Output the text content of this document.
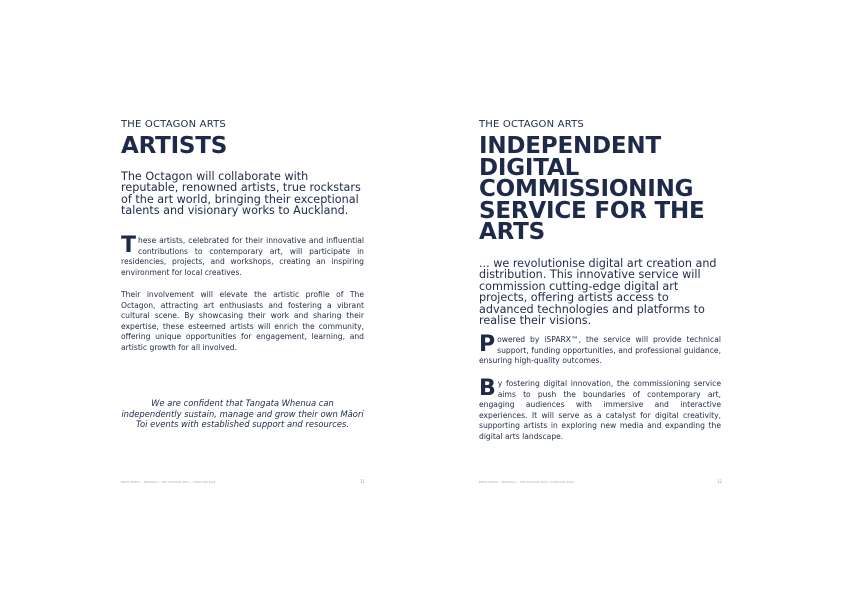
THE OCTAGON ARTS
ARTISTS

The Octagon will collaborate with reputable, renowned artists, true rockstars of the art world, bringing their exceptional talents and visionary works to Auckland.

These artists, celebrated for their innovative and influential contributions to contemporary art, will participate in residencies, projects, and workshops, creating an inspiring environment for local creatives.

Their involvement will elevate the artistic profile of The Octagon, attracting art enthusiasts and fostering a vibrant cultural scene. By showcasing their work and sharing their expertise, these esteemed artists will enrich the community, offering unique opportunities for engagement, learning, and artistic growth for all involved.

We are confident that Tangata Whenua can independently sustain, manage and grow their own Māori Toi events with established support and resources.

BEING WHETU • PROPOSAL • THE OCTAGON ARTS • AUCKLAND 2025	11
THE OCTAGON ARTS
INDEPENDENT DIGITAL COMMISSIONING SERVICE FOR THE ARTS

... we revolutionise digital art creation and distribution. This innovative service will commission cutting-edge digital art projects, offering artists access to advanced technologies and platforms to realise their visions.

Powered by iSPARX™, the service will provide technical support, funding opportunities, and professional guidance, ensuring high-quality outcomes.

By fostering digital innovation, the commissioning service aims to push the boundaries of contemporary art, engaging audiences with immersive and interactive experiences. It will serve as a catalyst for digital creativity, supporting artists in exploring new media and expanding the digital arts landscape.

BEING WHETU • PROPOSAL • THE OCTAGON ARTS • AUCKLAND 2025	12
